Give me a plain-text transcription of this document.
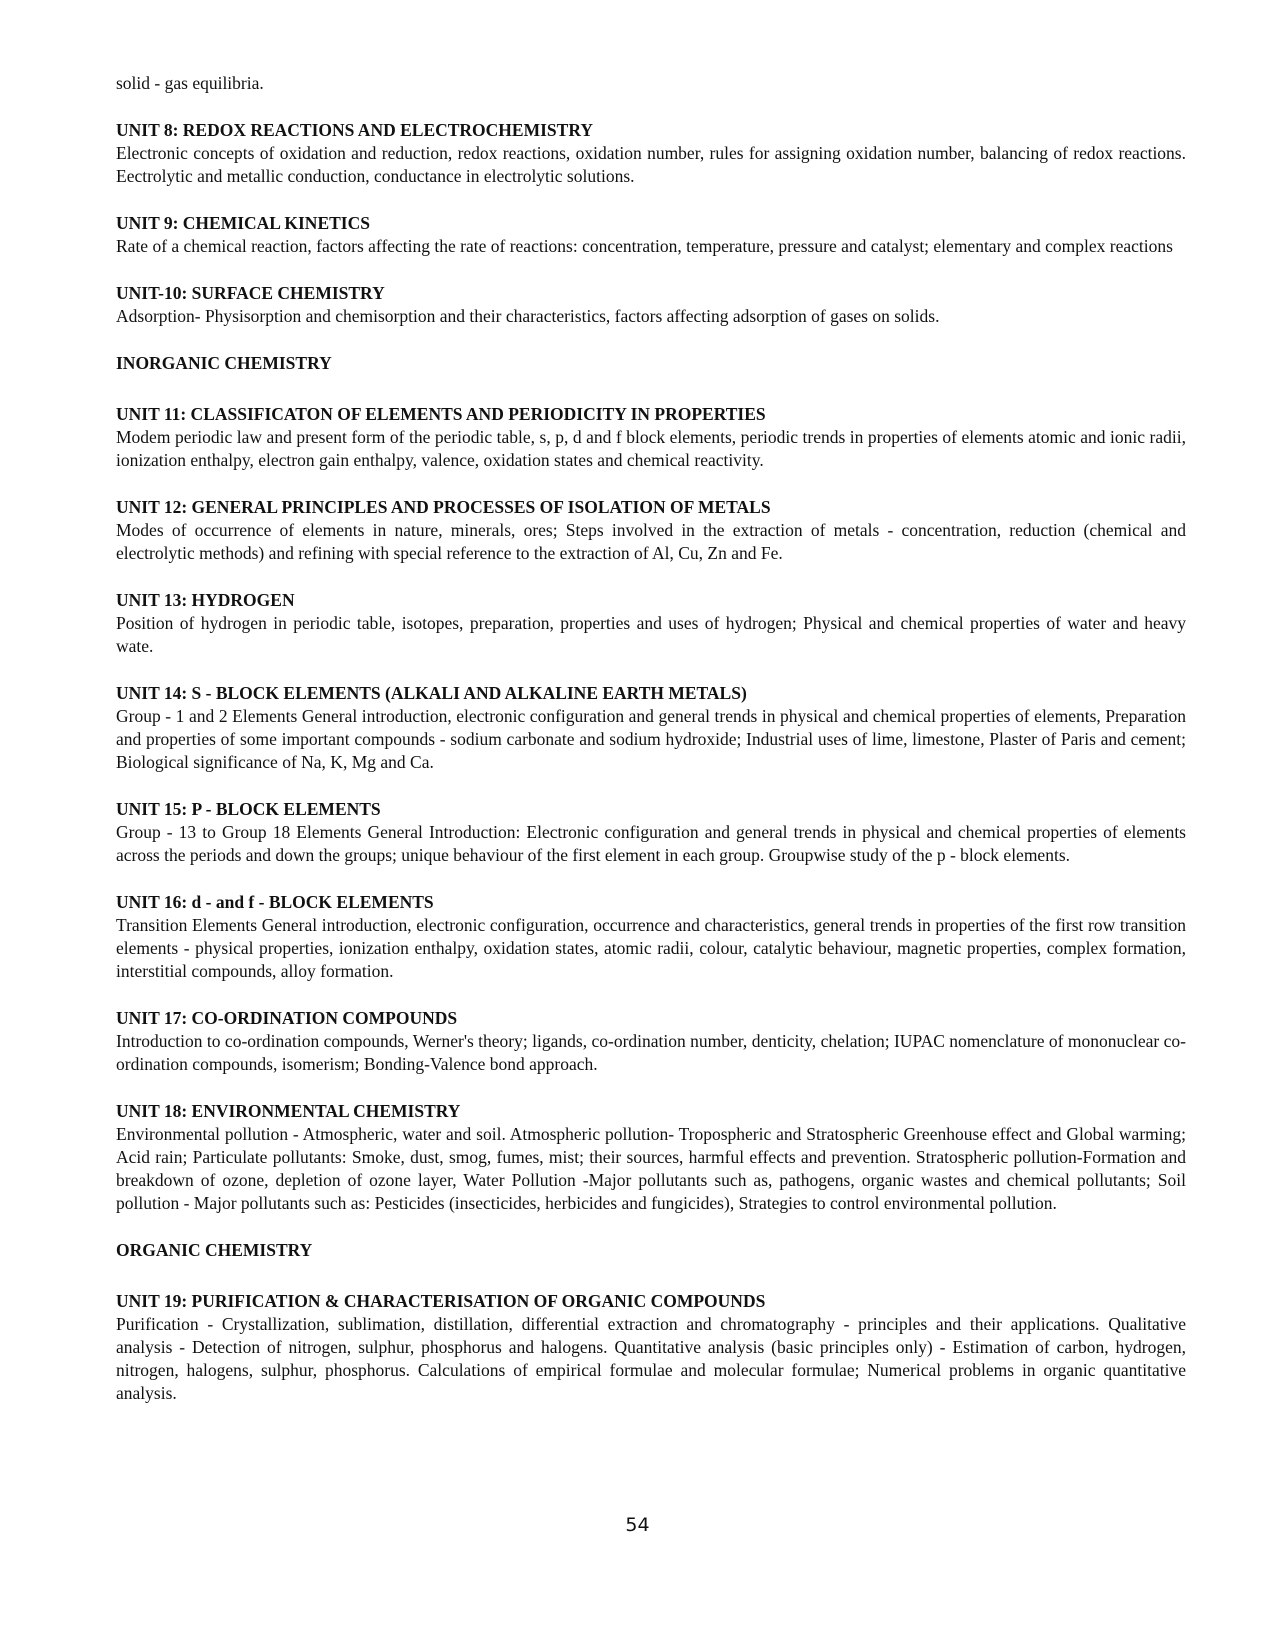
solid - gas equilibria.

UNIT 8: REDOX REACTIONS AND ELECTROCHEMISTRY

Electronic concepts of oxidation and reduction, redox reactions, oxidation number, rules for assigning oxidation number, balancing of redox reactions. Eectrolytic and metallic conduction, conductance in electrolytic solutions.

UNIT 9: CHEMICAL KINETICS

Rate of a chemical reaction, factors affecting the rate of reactions: concentration, temperature, pressure and catalyst; elementary and complex reactions

UNIT-10: SURFACE CHEMISTRY

Adsorption- Physisorption and chemisorption and their characteristics, factors affecting adsorption of gases on solids.

INORGANIC CHEMISTRY

UNIT 11: CLASSIFICATON OF ELEMENTS AND PERIODICITY IN PROPERTIES

Modem periodic law and present form of the periodic table, s, p, d and f block elements, periodic trends in properties of elements atomic and ionic radii, ionization enthalpy, electron gain enthalpy, valence, oxidation states and chemical reactivity.

UNIT 12: GENERAL PRINCIPLES AND PROCESSES OF ISOLATION OF METALS

Modes of occurrence of elements in nature, minerals, ores; Steps involved in the extraction of metals - concentration, reduction (chemical and electrolytic methods) and refining with special reference to the extraction of Al, Cu, Zn and Fe.

UNIT 13: HYDROGEN

Position of hydrogen in periodic table, isotopes, preparation, properties and uses of hydrogen; Physical and chemical properties of water and heavy wate.

UNIT 14: S - BLOCK ELEMENTS (ALKALI AND ALKALINE EARTH METALS)

Group - 1 and 2 Elements General introduction, electronic configuration and general trends in physical and chemical properties of elements, Preparation and properties of some important compounds - sodium carbonate and sodium hydroxide; Industrial uses of lime, limestone, Plaster of Paris and cement; Biological significance of Na, K, Mg and Ca.

UNIT 15: P - BLOCK ELEMENTS

Group - 13 to Group 18 Elements General Introduction: Electronic configuration and general trends in physical and chemical properties of elements across the periods and down the groups; unique behaviour of the first element in each group. Groupwise study of the p - block elements.

UNIT 16: d - and f - BLOCK ELEMENTS

Transition Elements General introduction, electronic configuration, occurrence and characteristics, general trends in properties of the first row transition elements - physical properties, ionization enthalpy, oxidation states, atomic radii, colour, catalytic behaviour, magnetic properties, complex formation, interstitial compounds, alloy formation.

UNIT 17: CO-ORDINATION COMPOUNDS

Introduction to co-ordination compounds, Werner's theory; ligands, co-ordination number, denticity, chelation; IUPAC nomenclature of mononuclear co-ordination compounds, isomerism; Bonding-Valence bond approach.

UNIT 18: ENVIRONMENTAL CHEMISTRY

Environmental pollution - Atmospheric, water and soil. Atmospheric pollution- Tropospheric and Stratospheric Greenhouse effect and Global warming; Acid rain; Particulate pollutants: Smoke, dust, smog, fumes, mist; their sources, harmful effects and prevention. Stratospheric pollution-Formation and breakdown of ozone, depletion of ozone layer, Water Pollution -Major pollutants such as, pathogens, organic wastes and chemical pollutants; Soil pollution - Major pollutants such as: Pesticides (insecticides, herbicides and fungicides), Strategies to control environmental pollution.

ORGANIC CHEMISTRY

UNIT 19: PURIFICATION & CHARACTERISATION OF ORGANIC COMPOUNDS

Purification - Crystallization, sublimation, distillation, differential extraction and chromatography - principles and their applications. Qualitative analysis - Detection of nitrogen, sulphur, phosphorus and halogens. Quantitative analysis (basic principles only) - Estimation of carbon, hydrogen, nitrogen, halogens, sulphur, phosphorus. Calculations of empirical formulae and molecular formulae; Numerical problems in organic quantitative analysis.

54
